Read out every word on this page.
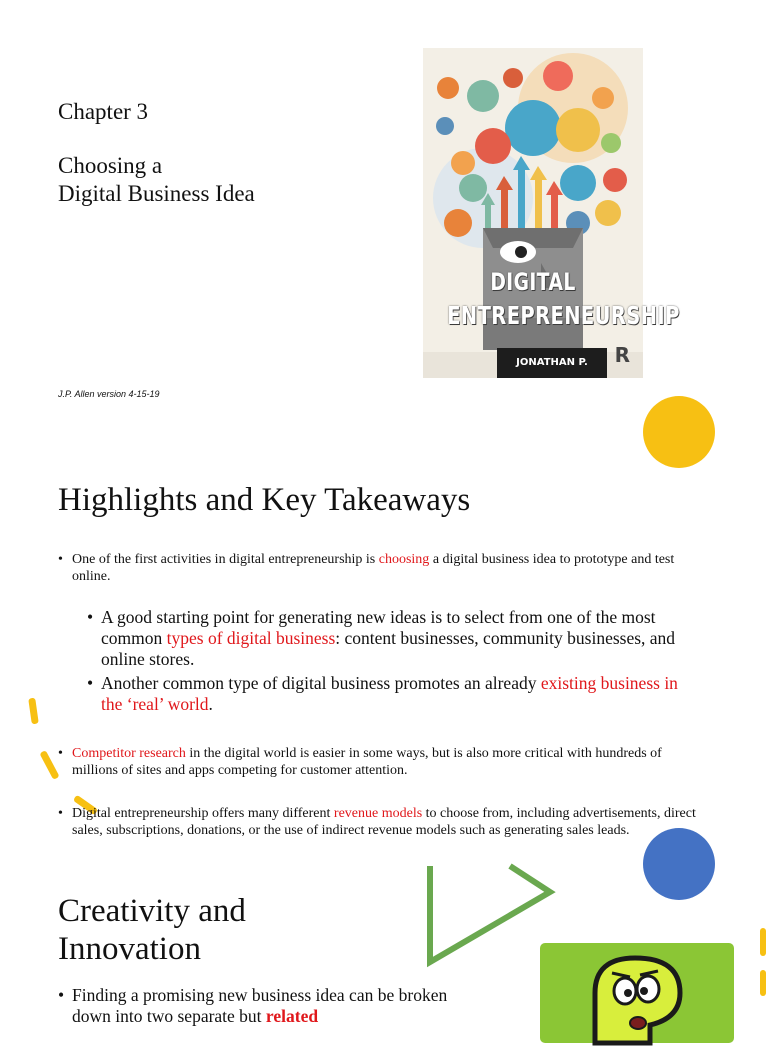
Chapter 3
Choosing a
Digital Business Idea
J.P. Allen version 4-15-19
DIGITAL
ENTREPRENEURSHIP
JONATHAN P. ALLEN
R
Highlights and Key Takeaways
• One of the first activities in digital entrepreneurship is choosing a digital business idea to prototype and test online.
• A good starting point for generating new ideas is to select from one of the most common types of digital business: content businesses, community businesses, and online stores.
• Another common type of digital business promotes an already existing business in the ‘real’ world.
• Competitor research in the digital world is easier in some ways, but is also more critical with hundreds of millions of sites and apps competing for customer attention.
• Digital entrepreneurship offers many different revenue models to choose from, including advertisements, direct sales, subscriptions, donations, or the use of indirect revenue models such as generating sales leads.
Creativity and
Innovation
• Finding a promising new business idea can be broken down into two separate but related
